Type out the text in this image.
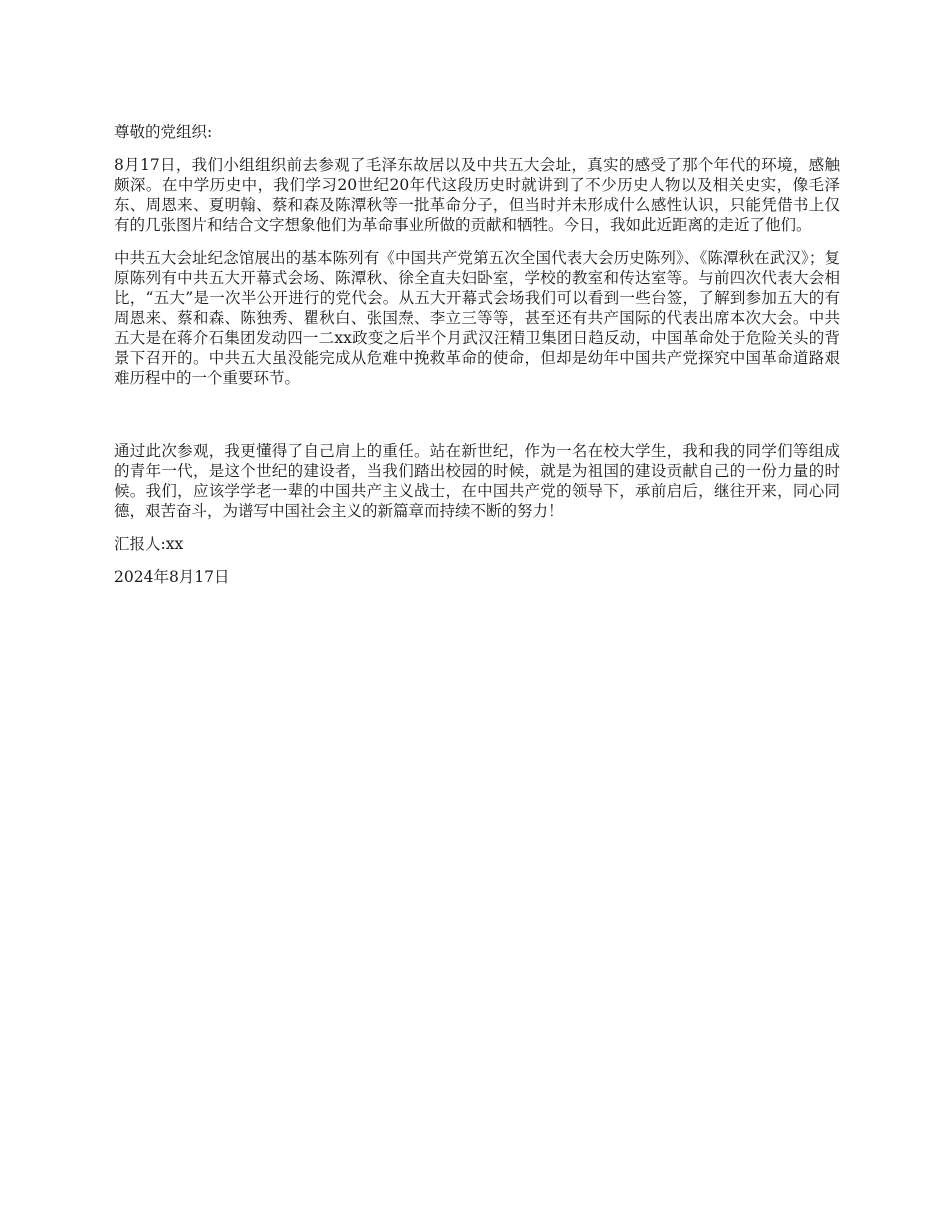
尊敬的党组织:

8月17日，我们小组组织前去参观了毛泽东故居以及中共五大会址，真实的感受了那个年代的环境，感触颇深。在中学历史中，我们学习20世纪20年代这段历史时就讲到了不少历史人物以及相关史实，像毛泽东、周恩来、夏明翰、蔡和森及陈潭秋等一批革命分子，但当时并未形成什么感性认识，只能凭借书上仅有的几张图片和结合文字想象他们为革命事业所做的贡献和牺牲。今日，我如此近距离的走近了他们。

中共五大会址纪念馆展出的基本陈列有《中国共产党第五次全国代表大会历史陈列》、《陈潭秋在武汉》；复原陈列有中共五大开幕式会场、陈潭秋、徐全直夫妇卧室，学校的教室和传达室等。与前四次代表大会相比，“五大”是一次半公开进行的党代会。从五大开幕式会场我们可以看到一些台签，了解到参加五大的有周恩来、蔡和森、陈独秀、瞿秋白、张国焘、李立三等等，甚至还有共产国际的代表出席本次大会。中共五大是在蒋介石集团发动四一二xx政变之后半个月武汉汪精卫集团日趋反动，中国革命处于危险关头的背景下召开的。中共五大虽没能完成从危难中挽救革命的使命，但却是幼年中国共产党探究中国革命道路艰难历程中的一个重要环节。

通过此次参观，我更懂得了自己肩上的重任。站在新世纪，作为一名在校大学生，我和我的同学们等组成的青年一代，是这个世纪的建设者，当我们踏出校园的时候，就是为祖国的建设贡献自己的一份力量的时候。我们，应该学学老一辈的中国共产主义战士，在中国共产党的领导下，承前启后，继往开来，同心同德，艰苦奋斗，为谱写中国社会主义的新篇章而持续不断的努力！

汇报人:xx

2024年8月17日
